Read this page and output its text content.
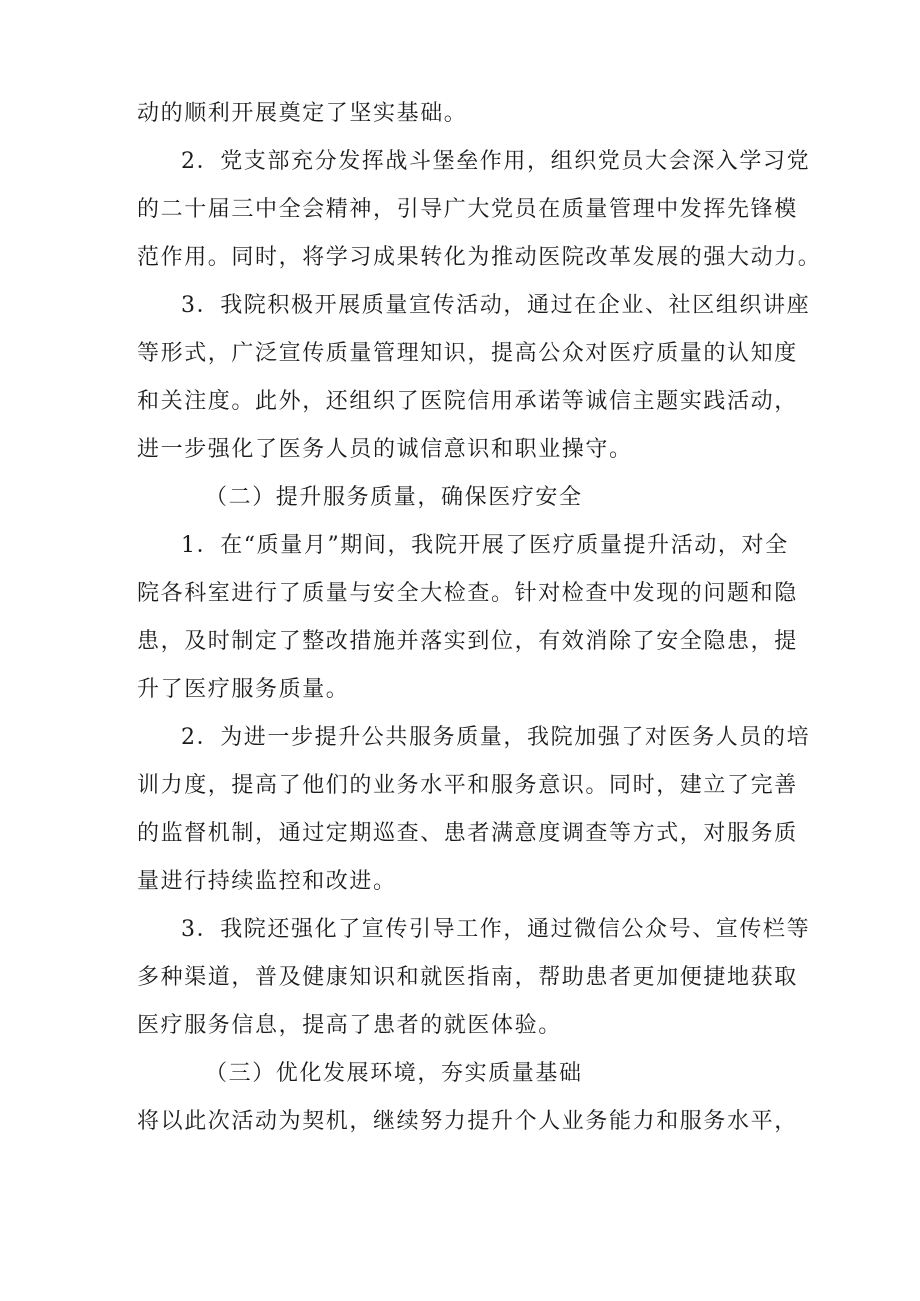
动的顺利开展奠定了坚实基础。
2．党支部充分发挥战斗堡垒作用，组织党员大会深入学习党
的二十届三中全会精神，引导广大党员在质量管理中发挥先锋模
范作用。同时，将学习成果转化为推动医院改革发展的强大动力。
3．我院积极开展质量宣传活动，通过在企业、社区组织讲座
等形式，广泛宣传质量管理知识，提高公众对医疗质量的认知度
和关注度。此外，还组织了医院信用承诺等诚信主题实践活动，
进一步强化了医务人员的诚信意识和职业操守。
（二）提升服务质量，确保医疗安全
1．在“质量月”期间，我院开展了医疗质量提升活动，对全
院各科室进行了质量与安全大检查。针对检查中发现的问题和隐
患，及时制定了整改措施并落实到位，有效消除了安全隐患，提
升了医疗服务质量。
2．为进一步提升公共服务质量，我院加强了对医务人员的培
训力度，提高了他们的业务水平和服务意识。同时，建立了完善
的监督机制，通过定期巡查、患者满意度调查等方式，对服务质
量进行持续监控和改进。
3．我院还强化了宣传引导工作，通过微信公众号、宣传栏等
多种渠道，普及健康知识和就医指南，帮助患者更加便捷地获取
医疗服务信息，提高了患者的就医体验。
（三）优化发展环境，夯实质量基础
将以此次活动为契机，继续努力提升个人业务能力和服务水平，
